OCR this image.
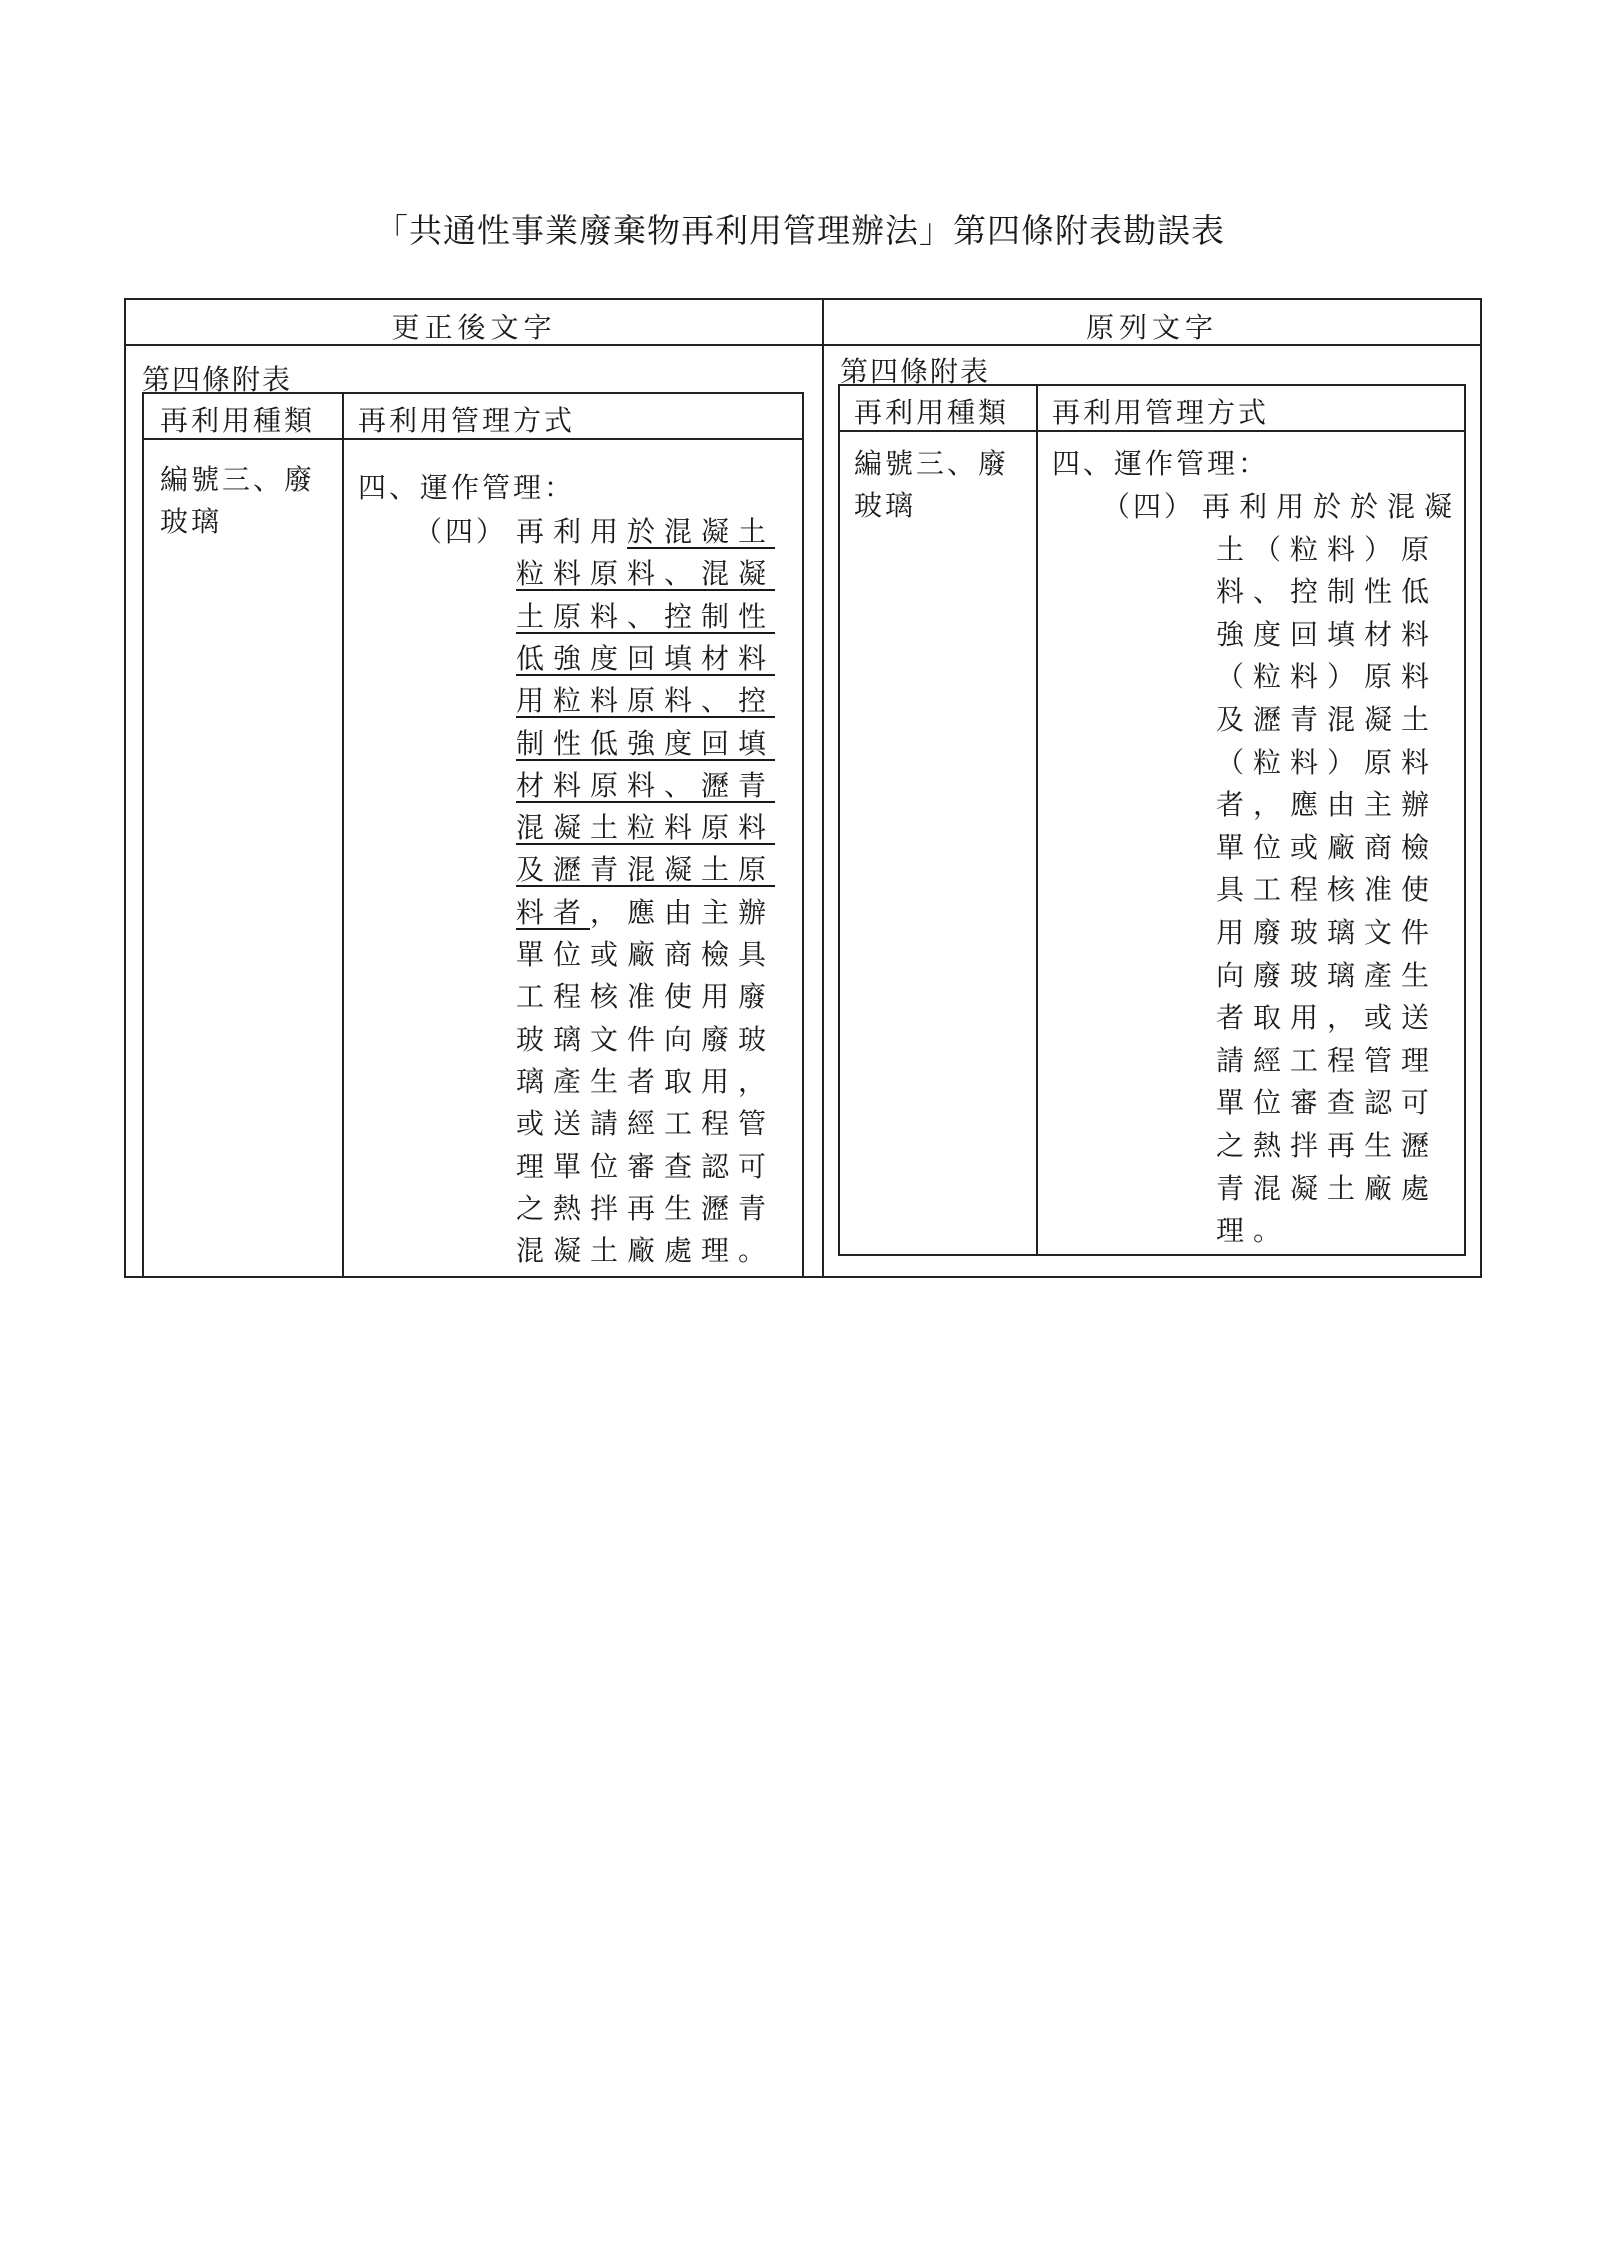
「共通性事業廢棄物再利用管理辦法」第四條附表勘誤表
更正後文字	原列文字
第四條附表
再利用種類 再利用管理方式
編號三、廢
玻璃
四、運作管理：
（四） 再利用於混凝土
粒料原料、混凝
土原料、控制性
低強度回填材料
用粒料原料、控
制性低強度回填
材料原料、瀝青
混凝土粒料原料
及瀝青混凝土原
料者，應由主辦
單位或廠商檢具
工程核准使用廢
玻璃文件向廢玻
璃產生者取用，
或送請經工程管
理單位審查認可
之熱拌再生瀝青
混凝土廠處理。
第四條附表
再利用種類 再利用管理方式
編號三、廢
玻璃
四、運作管理：
（四） 再利用於於混凝
土（粒料）原
料、控制性低
強度回填材料
（粒料）原料
及瀝青混凝土
（粒料）原料
者，應由主辦
單位或廠商檢
具工程核准使
用廢玻璃文件
向廢玻璃產生
者取用，或送
請經工程管理
單位審查認可
之熱拌再生瀝
青混凝土廠處
理。
